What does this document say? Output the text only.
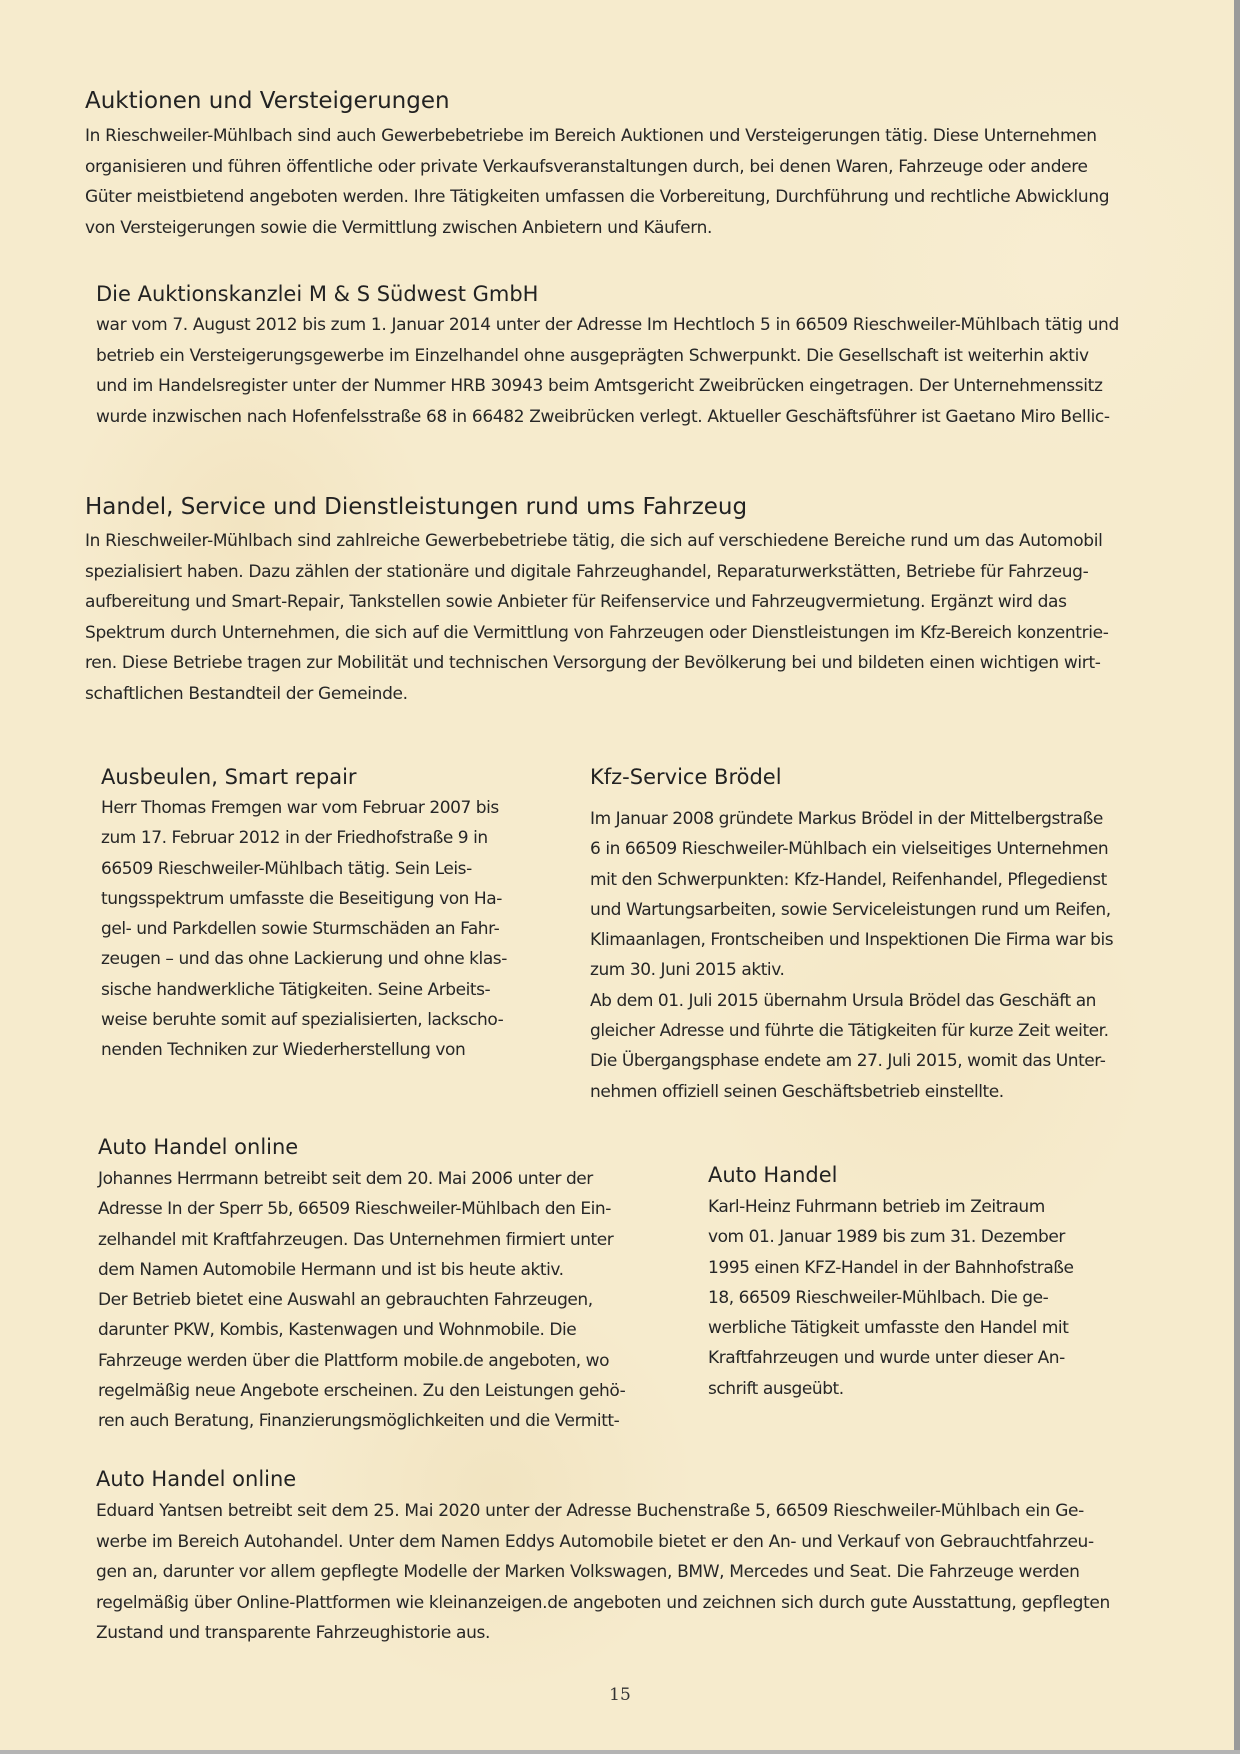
Auktionen und Versteigerungen

In Rieschweiler-Mühlbach sind auch Gewerbebetriebe im Bereich Auktionen und Versteigerungen tätig. Diese Unternehmen
organisieren und führen öffentliche oder private Verkaufsveranstaltungen durch, bei denen Waren, Fahrzeuge oder andere
Güter meistbietend angeboten werden. Ihre Tätigkeiten umfassen die Vorbereitung, Durchführung und rechtliche Abwicklung
von Versteigerungen sowie die Vermittlung zwischen Anbietern und Käufern.

Die Auktionskanzlei M & S Südwest GmbH

war vom 7. August 2012 bis zum 1. Januar 2014 unter der Adresse Im Hechtloch 5 in 66509 Rieschweiler-Mühlbach tätig und
betrieb ein Versteigerungsgewerbe im Einzelhandel ohne ausgeprägten Schwerpunkt. Die Gesellschaft ist weiterhin aktiv
und im Handelsregister unter der Nummer HRB 30943 beim Amtsgericht Zweibrücken eingetragen. Der Unternehmenssitz
wurde inzwischen nach Hofenfelsstraße 68 in 66482 Zweibrücken verlegt. Aktueller Geschäftsführer ist Gaetano Miro Bellic-

Handel, Service und Dienstleistungen rund ums Fahrzeug

In Rieschweiler-Mühlbach sind zahlreiche Gewerbebetriebe tätig, die sich auf verschiedene Bereiche rund um das Automobil
spezialisiert haben. Dazu zählen der stationäre und digitale Fahrzeughandel, Reparaturwerkstätten, Betriebe für Fahrzeug-
aufbereitung und Smart-Repair, Tankstellen sowie Anbieter für Reifenservice und Fahrzeugvermietung. Ergänzt wird das
Spektrum durch Unternehmen, die sich auf die Vermittlung von Fahrzeugen oder Dienstleistungen im Kfz-Bereich konzentrie-
ren. Diese Betriebe tragen zur Mobilität und technischen Versorgung der Bevölkerung bei und bildeten einen wichtigen wirt-
schaftlichen Bestandteil der Gemeinde.

Ausbeulen, Smart repair

Herr Thomas Fremgen war vom Februar 2007 bis
zum 17. Februar 2012 in der Friedhofstraße 9 in
66509 Rieschweiler-Mühlbach tätig. Sein Leis-
tungsspektrum umfasste die Beseitigung von Ha-
gel- und Parkdellen sowie Sturmschäden an Fahr-
zeugen – und das ohne Lackierung und ohne klas-
sische handwerkliche Tätigkeiten. Seine Arbeits-
weise beruhte somit auf spezialisierten, lackscho-
nenden Techniken zur Wiederherstellung von

Kfz-Service Brödel

Im Januar 2008 gründete Markus Brödel in der Mittelbergstraße
6 in 66509 Rieschweiler-Mühlbach ein vielseitiges Unternehmen
mit den Schwerpunkten: Kfz-Handel, Reifenhandel, Pflegedienst
und Wartungsarbeiten, sowie Serviceleistungen rund um Reifen,
Klimaanlagen, Frontscheiben und Inspektionen Die Firma war bis
zum 30. Juni 2015 aktiv.
Ab dem 01. Juli 2015 übernahm Ursula Brödel das Geschäft an
gleicher Adresse und führte die Tätigkeiten für kurze Zeit weiter.
Die Übergangsphase endete am 27. Juli 2015, womit das Unter-
nehmen offiziell seinen Geschäftsbetrieb einstellte.

Auto Handel online

Johannes Herrmann betreibt seit dem 20. Mai 2006 unter der
Adresse In der Sperr 5b, 66509 Rieschweiler-Mühlbach den Ein-
zelhandel mit Kraftfahrzeugen. Das Unternehmen firmiert unter
dem Namen Automobile Hermann und ist bis heute aktiv.
Der Betrieb bietet eine Auswahl an gebrauchten Fahrzeugen,
darunter PKW, Kombis, Kastenwagen und Wohnmobile. Die
Fahrzeuge werden über die Plattform mobile.de angeboten, wo
regelmäßig neue Angebote erscheinen. Zu den Leistungen gehö-
ren auch Beratung, Finanzierungsmöglichkeiten und die Vermitt-

Auto Handel

Karl-Heinz Fuhrmann betrieb im Zeitraum
vom 01. Januar 1989 bis zum 31. Dezember
1995 einen KFZ-Handel in der Bahnhofstraße
18, 66509 Rieschweiler-Mühlbach. Die ge-
werbliche Tätigkeit umfasste den Handel mit
Kraftfahrzeugen und wurde unter dieser An-
schrift ausgeübt.

Auto Handel online

Eduard Yantsen betreibt seit dem 25. Mai 2020 unter der Adresse Buchenstraße 5, 66509 Rieschweiler-Mühlbach ein Ge-
werbe im Bereich Autohandel. Unter dem Namen Eddys Automobile bietet er den An- und Verkauf von Gebrauchtfahrzeu-
gen an, darunter vor allem gepflegte Modelle der Marken Volkswagen, BMW, Mercedes und Seat. Die Fahrzeuge werden
regelmäßig über Online-Plattformen wie kleinanzeigen.de angeboten und zeichnen sich durch gute Ausstattung, gepflegten
Zustand und transparente Fahrzeughistorie aus.

15
